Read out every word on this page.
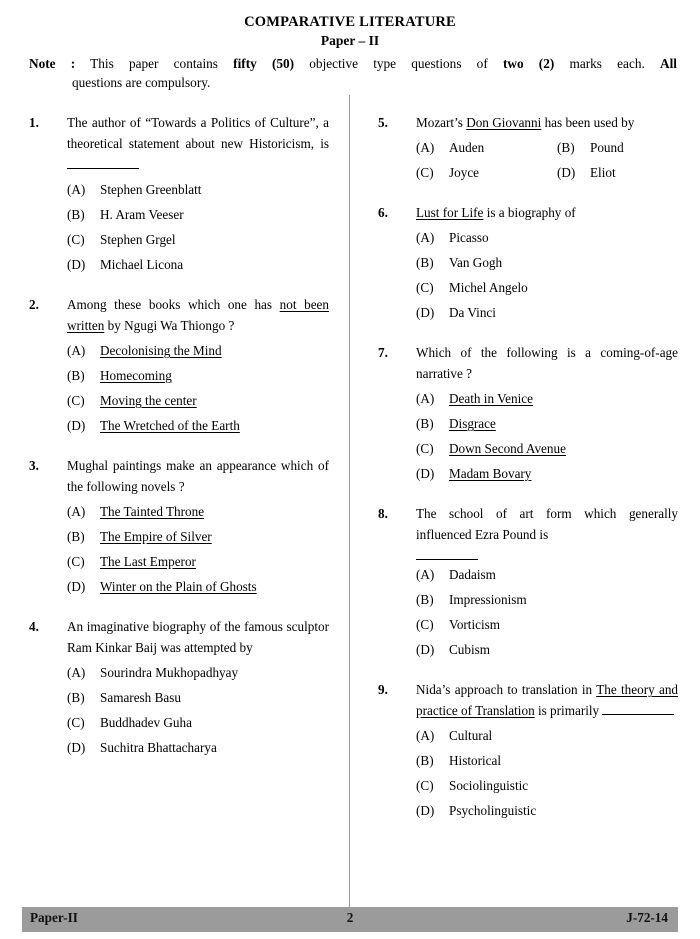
COMPARATIVE LITERATURE
Paper – II
Note : This paper contains fifty (50) objective type questions of two (2) marks each. All
questions are compulsory.
1.	The author of “Towards a Politics of Culture”, a theoretical statement about new Historicism, is
(A) Stephen Greenblatt
(B) H. Aram Veeser
(C) Stephen Grgel
(D) Michael Licona
2.	Among these books which one has not been written by Ngugi Wa Thiongo ?
(A) Decolonising the Mind
(B) Homecoming
(C) Moving the center
(D) The Wretched of the Earth
3.	Mughal paintings make an appearance which of the following novels ?
(A) The Tainted Throne
(B) The Empire of Silver
(C) The Last Emperor
(D) Winter on the Plain of Ghosts
4.	An imaginative biography of the famous sculptor Ram Kinkar Baij was attempted by
(A) Sourindra Mukhopadhyay
(B) Samaresh Basu
(C) Buddhadev Guha
(D) Suchitra Bhattacharya
5.	Mozart’s Don Giovanni has been used by
(A) Auden	(B) Pound
(C) Joyce	(D) Eliot
6.	Lust for Life is a biography of
(A) Picasso
(B) Van Gogh
(C) Michel Angelo
(D) Da Vinci
7.	Which of the following is a coming-of-age narrative ?
(A) Death in Venice
(B) Disgrace
(C) Down Second Avenue
(D) Madam Bovary
8.	The school of art form which generally influenced Ezra Pound is
(A) Dadaism
(B) Impressionism
(C) Vorticism
(D) Cubism
9.	Nida’s approach to translation in The theory and practice of Translation is primarily
(A) Cultural
(B) Historical
(C) Sociolinguistic
(D) Psycholinguistic
Paper-II	2	J-72-14
